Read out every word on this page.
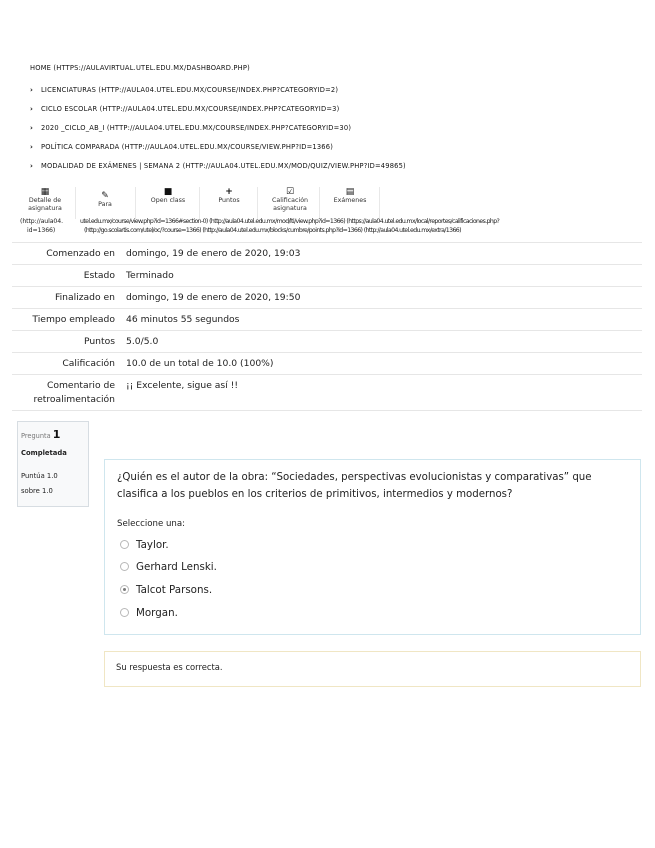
HOME (HTTPS://AULAVIRTUAL.UTEL.EDU.MX/DASHBOARD.PHP)
› LICENCIATURAS (HTTP://AULA04.UTEL.EDU.MX/COURSE/INDEX.PHP?CATEGORYID=2)
› CICLO ESCOLAR (HTTP://AULA04.UTEL.EDU.MX/COURSE/INDEX.PHP?CATEGORYID=3)
› 2020 _CICLO_AB_I (HTTP://AULA04.UTEL.EDU.MX/COURSE/INDEX.PHP?CATEGORYID=30)
› POLÍTICA COMPARADA (HTTP://AULA04.UTEL.EDU.MX/COURSE/VIEW.PHP?ID=1366)
› MODALIDAD DE EXÁMENES | SEMANA 2 (HTTP://AULA04.UTEL.EDU.MX/MOD/QUIZ/VIEW.PHP?ID=49865)
▦
Detalle de asignatura
✎
Para
■
Open class
+
Puntos
☑
Calificación asignatura
▤
Exámenes
(http://aula04.
id=1366)
utel.edu.mx/course/view.php?id=1366#section-0) (http://aula04.utel.edu.mx/mod/lti/view.php?id=1366) (https://aula04.utel.edu.mx/local/reportes/calificaciones.php?
(http://go.scolartis.com/utel/oc/?course=1366) (http://aula04.utel.edu.mx/blocks/cumbre/points.php?id=1366) (http://aula04.utel.edu.mx/extra/1366)
Comenzado en	domingo, 19 de enero de 2020, 19:03
Estado	Terminado
Finalizado en	domingo, 19 de enero de 2020, 19:50
Tiempo empleado	46 minutos 55 segundos
Puntos	5.0/5.0
Calificación	10.0 de un total de 10.0 (100%)
Comentario de retroalimentación	¡¡ Excelente, sigue así !!
Pregunta 1
Completada
Puntúa 1.0
sobre 1.0
¿Quién es el autor de la obra: “Sociedades, perspectivas evolucionistas y comparativas” que clasifica a los pueblos en los criterios de primitivos, intermedios y modernos?
Seleccione una:
Taylor.
Gerhard Lenski.
Talcot Parsons.
Morgan.
Su respuesta es correcta.
